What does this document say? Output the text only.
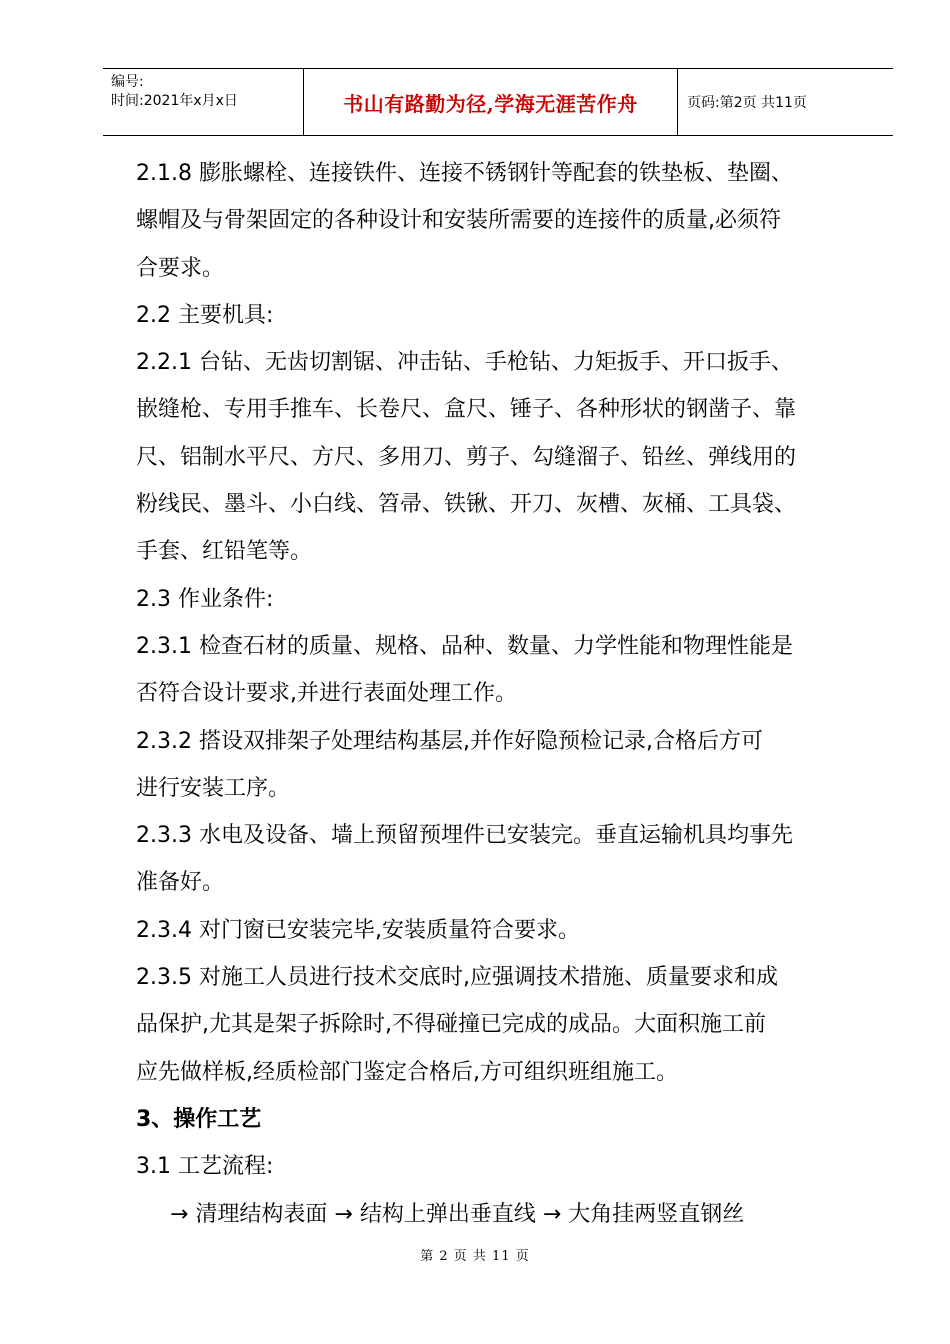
编号:
时间:2021年x月x日	书山有路勤为径,学海无涯苦作舟	页码:第2页 共11页
2.1.8 膨胀螺栓、连接铁件、连接不锈钢针等配套的铁垫板、垫圈、
螺帽及与骨架固定的各种设计和安装所需要的连接件的质量,必须符
合要求。
2.2 主要机具:
2.2.1 台钻、无齿切割锯、冲击钻、手枪钻、力矩扳手、开口扳手、
嵌缝枪、专用手推车、长卷尺、盒尺、锤子、各种形状的钢凿子、靠
尺、铝制水平尺、方尺、多用刀、剪子、勾缝溜子、铅丝、弹线用的
粉线民、墨斗、小白线、笤帚、铁锹、开刀、灰槽、灰桶、工具袋、
手套、红铅笔等。
2.3 作业条件:
2.3.1 检查石材的质量、规格、品种、数量、力学性能和物理性能是
否符合设计要求,并进行表面处理工作。
2.3.2 搭设双排架子处理结构基层,并作好隐预检记录,合格后方可
进行安装工序。
2.3.3 水电及设备、墙上预留预埋件已安装完。垂直运输机具均事先
准备好。
2.3.4 对门窗已安装完毕,安装质量符合要求。
2.3.5 对施工人员进行技术交底时,应强调技术措施、质量要求和成
品保护,尤其是架子拆除时,不得碰撞已完成的成品。大面积施工前
应先做样板,经质检部门鉴定合格后,方可组织班组施工。
3、操作工艺
3.1 工艺流程:
→ 清理结构表面 → 结构上弹出垂直线 → 大角挂两竖直钢丝
第 2 页 共 11 页
